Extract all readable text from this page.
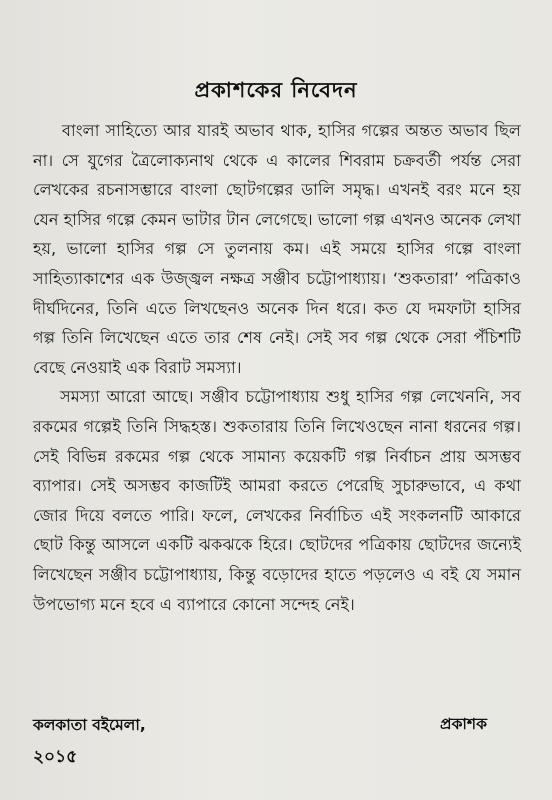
প্রকাশকের নিবেদন

বাংলা সাহিত্যে আর যারই অভাব থাক, হাসির গল্পের অন্তত অভাব ছিল না। সে যুগের ত্রৈলোক্যনাথ থেকে এ কালের শিবরাম চক্রবর্তী পর্যন্ত সেরা লেখকের রচনাসম্ভারে বাংলা ছোটগল্পের ডালি সমৃদ্ধ। এখনই বরং মনে হয় যেন হাসির গল্পে কেমন ভাটার টান লেগেছে। ভালো গল্প এখনও অনেক লেখা হয়, ভালো হাসির গল্প সে তুলনায় কম। এই সময়ে হাসির গল্পে বাংলা সাহিত্যাকাশের এক উজ্জ্বল নক্ষত্র সঞ্জীব চট্টোপাধ্যায়। ‘শুকতারা’ পত্রিকাও দীর্ঘদিনের, তিনি এতে লিখছেনও অনেক দিন ধরে। কত যে দমফাটা হাসির গল্প তিনি লিখেছেন এতে তার শেষ নেই। সেই সব গল্প থেকে সেরা পঁচিশটি বেছে নেওয়াই এক বিরাট সমস্যা।

সমস্যা আরো আছে। সঞ্জীব চট্টোপাধ্যায় শুধু হাসির গল্প লেখেননি, সব রকমের গল্পেই তিনি সিদ্ধহস্ত। শুকতারায় তিনি লিখেওছেন নানা ধরনের গল্প। সেই বিভিন্ন রকমের গল্প থেকে সামান্য কয়েকটি গল্প নির্বাচন প্রায় অসম্ভব ব্যাপার। সেই অসম্ভব কাজটিই আমরা করতে পেরেছি সুচারুভাবে, এ কথা জোর দিয়ে বলতে পারি। ফলে, লেখকের নির্বাচিত এই সংকলনটি আকারে ছোট কিন্তু আসলে একটি ঝকঝকে হিরে। ছোটদের পত্রিকায় ছোটদের জন্যেই লিখেছেন সঞ্জীব চট্টোপাধ্যায়, কিন্তু বড়োদের হাতে পড়লেও এ বই যে সমান উপভোগ্য মনে হবে এ ব্যাপারে কোনো সন্দেহ নেই।

কলকাতা বইমেলা,
২০১৫
প্রকাশক
